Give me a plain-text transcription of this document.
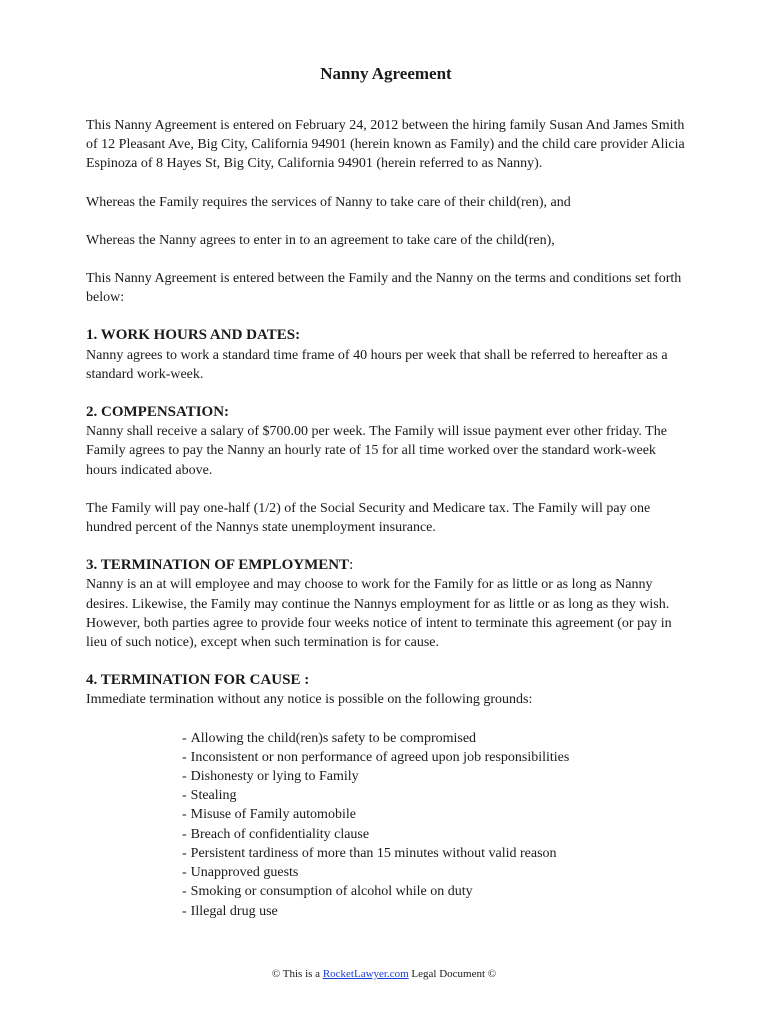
Nanny Agreement

This Nanny Agreement is entered on February 24, 2012 between the hiring family Susan And James Smith of 12 Pleasant Ave, Big City, California 94901 (herein known as Family) and the child care provider Alicia Espinoza of 8 Hayes St, Big City, California 94901 (herein referred to as Nanny).

Whereas the Family requires the services of Nanny to take care of their child(ren), and

Whereas the Nanny agrees to enter in to an agreement to take care of the child(ren),

This Nanny Agreement is entered between the Family and the Nanny on the terms and conditions set forth below:

1. WORK HOURS AND DATES:

Nanny agrees to work a standard time frame of 40 hours per week that shall be referred to hereafter as a standard work-week.

2. COMPENSATION:

Nanny shall receive a salary of $700.00 per week. The Family will issue payment ever other friday. The Family agrees to pay the Nanny an hourly rate of 15 for all time worked over the standard work-week hours indicated above.

The Family will pay one-half (1/2) of the Social Security and Medicare tax. The Family will pay one hundred percent of the Nannys state unemployment insurance.

3. TERMINATION OF EMPLOYMENT:

Nanny is an at will employee and may choose to work for the Family for as little or as long as Nanny desires. Likewise, the Family may continue the Nannys employment for as little or as long as they wish. However, both parties agree to provide four weeks notice of intent to terminate this agreement (or pay in lieu of such notice), except when such termination is for cause.

4. TERMINATION FOR CAUSE :

Immediate termination without any notice is possible on the following grounds:

- Allowing the child(ren)s safety to be compromised
- Inconsistent or non performance of agreed upon job responsibilities
- Dishonesty or lying to Family
- Stealing
- Misuse of Family automobile
- Breach of confidentiality clause
- Persistent tardiness of more than 15 minutes without valid reason
- Unapproved guests
- Smoking or consumption of alcohol while on duty
- Illegal drug use
© This is a RocketLawyer.com Legal Document ©
